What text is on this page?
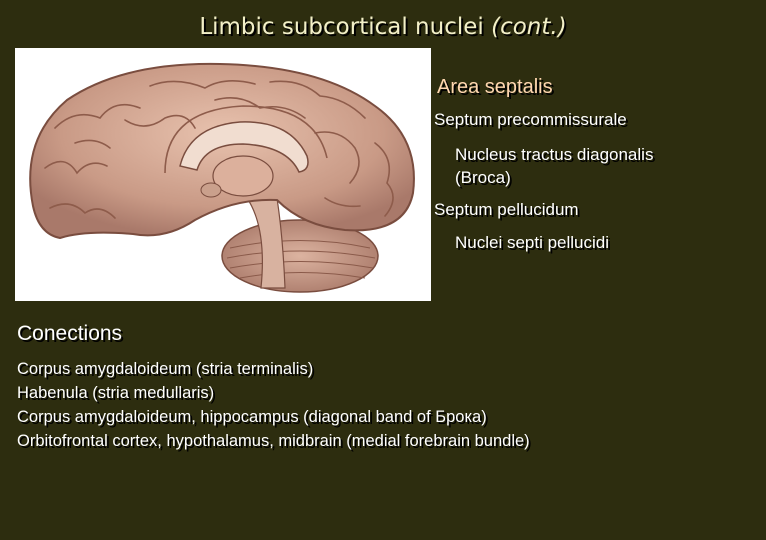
Limbic subcortical nuclei (cont.)
Area septalis
Septum precommissurale
Nucleus tractus diagonalis
(Broca)
Septum pellucidum
Nuclei septi pellucidi
Conections
Corpus amygdaloideum (stria terminalis)
Habenula (stria medullaris)
Corpus amygdaloideum, hippocampus (diagonal band of Брока)
Orbitofrontal cortex, hypothalamus, midbrain (medial forebrain bundle)
